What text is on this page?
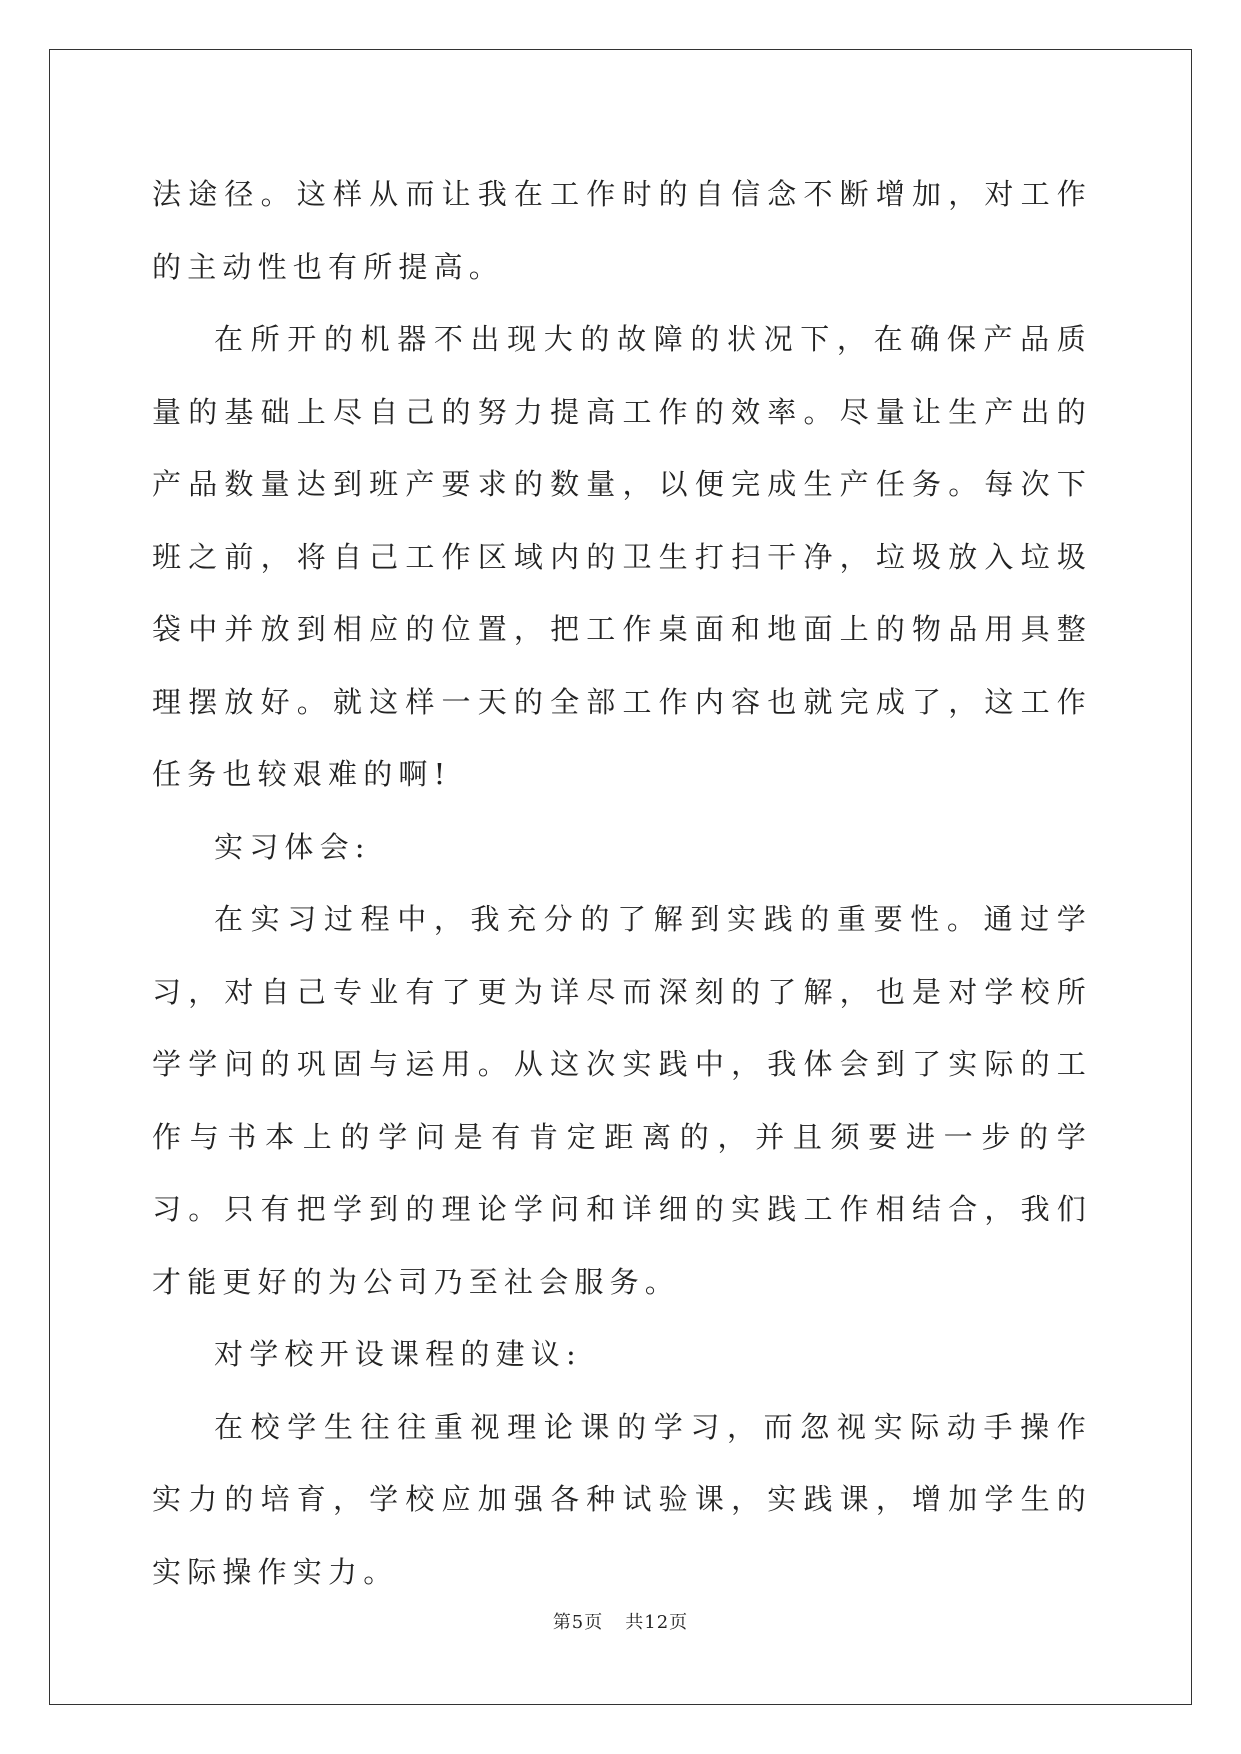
法途径。这样从而让我在工作时的自信念不断增加，对工作的主动性也有所提高。

在所开的机器不出现大的故障的状况下，在确保产品质量的基础上尽自己的努力提高工作的效率。尽量让生产出的产品数量达到班产要求的数量，以便完成生产任务。每次下班之前，将自己工作区域内的卫生打扫干净，垃圾放入垃圾袋中并放到相应的位置，把工作桌面和地面上的物品用具整理摆放好。就这样一天的全部工作内容也就完成了，这工作任务也较艰难的啊!

实习体会:

在实习过程中，我充分的了解到实践的重要性。通过学习，对自己专业有了更为详尽而深刻的了解，也是对学校所学学问的巩固与运用。从这次实践中，我体会到了实际的工作与书本上的学问是有肯定距离的，并且须要进一步的学习。只有把学到的理论学问和详细的实践工作相结合，我们才能更好的为公司乃至社会服务。

对学校开设课程的建议:

在校学生往往重视理论课的学习，而忽视实际动手操作实力的培育，学校应加强各种试验课，实践课，增加学生的实际操作实力。

第5页 共12页
